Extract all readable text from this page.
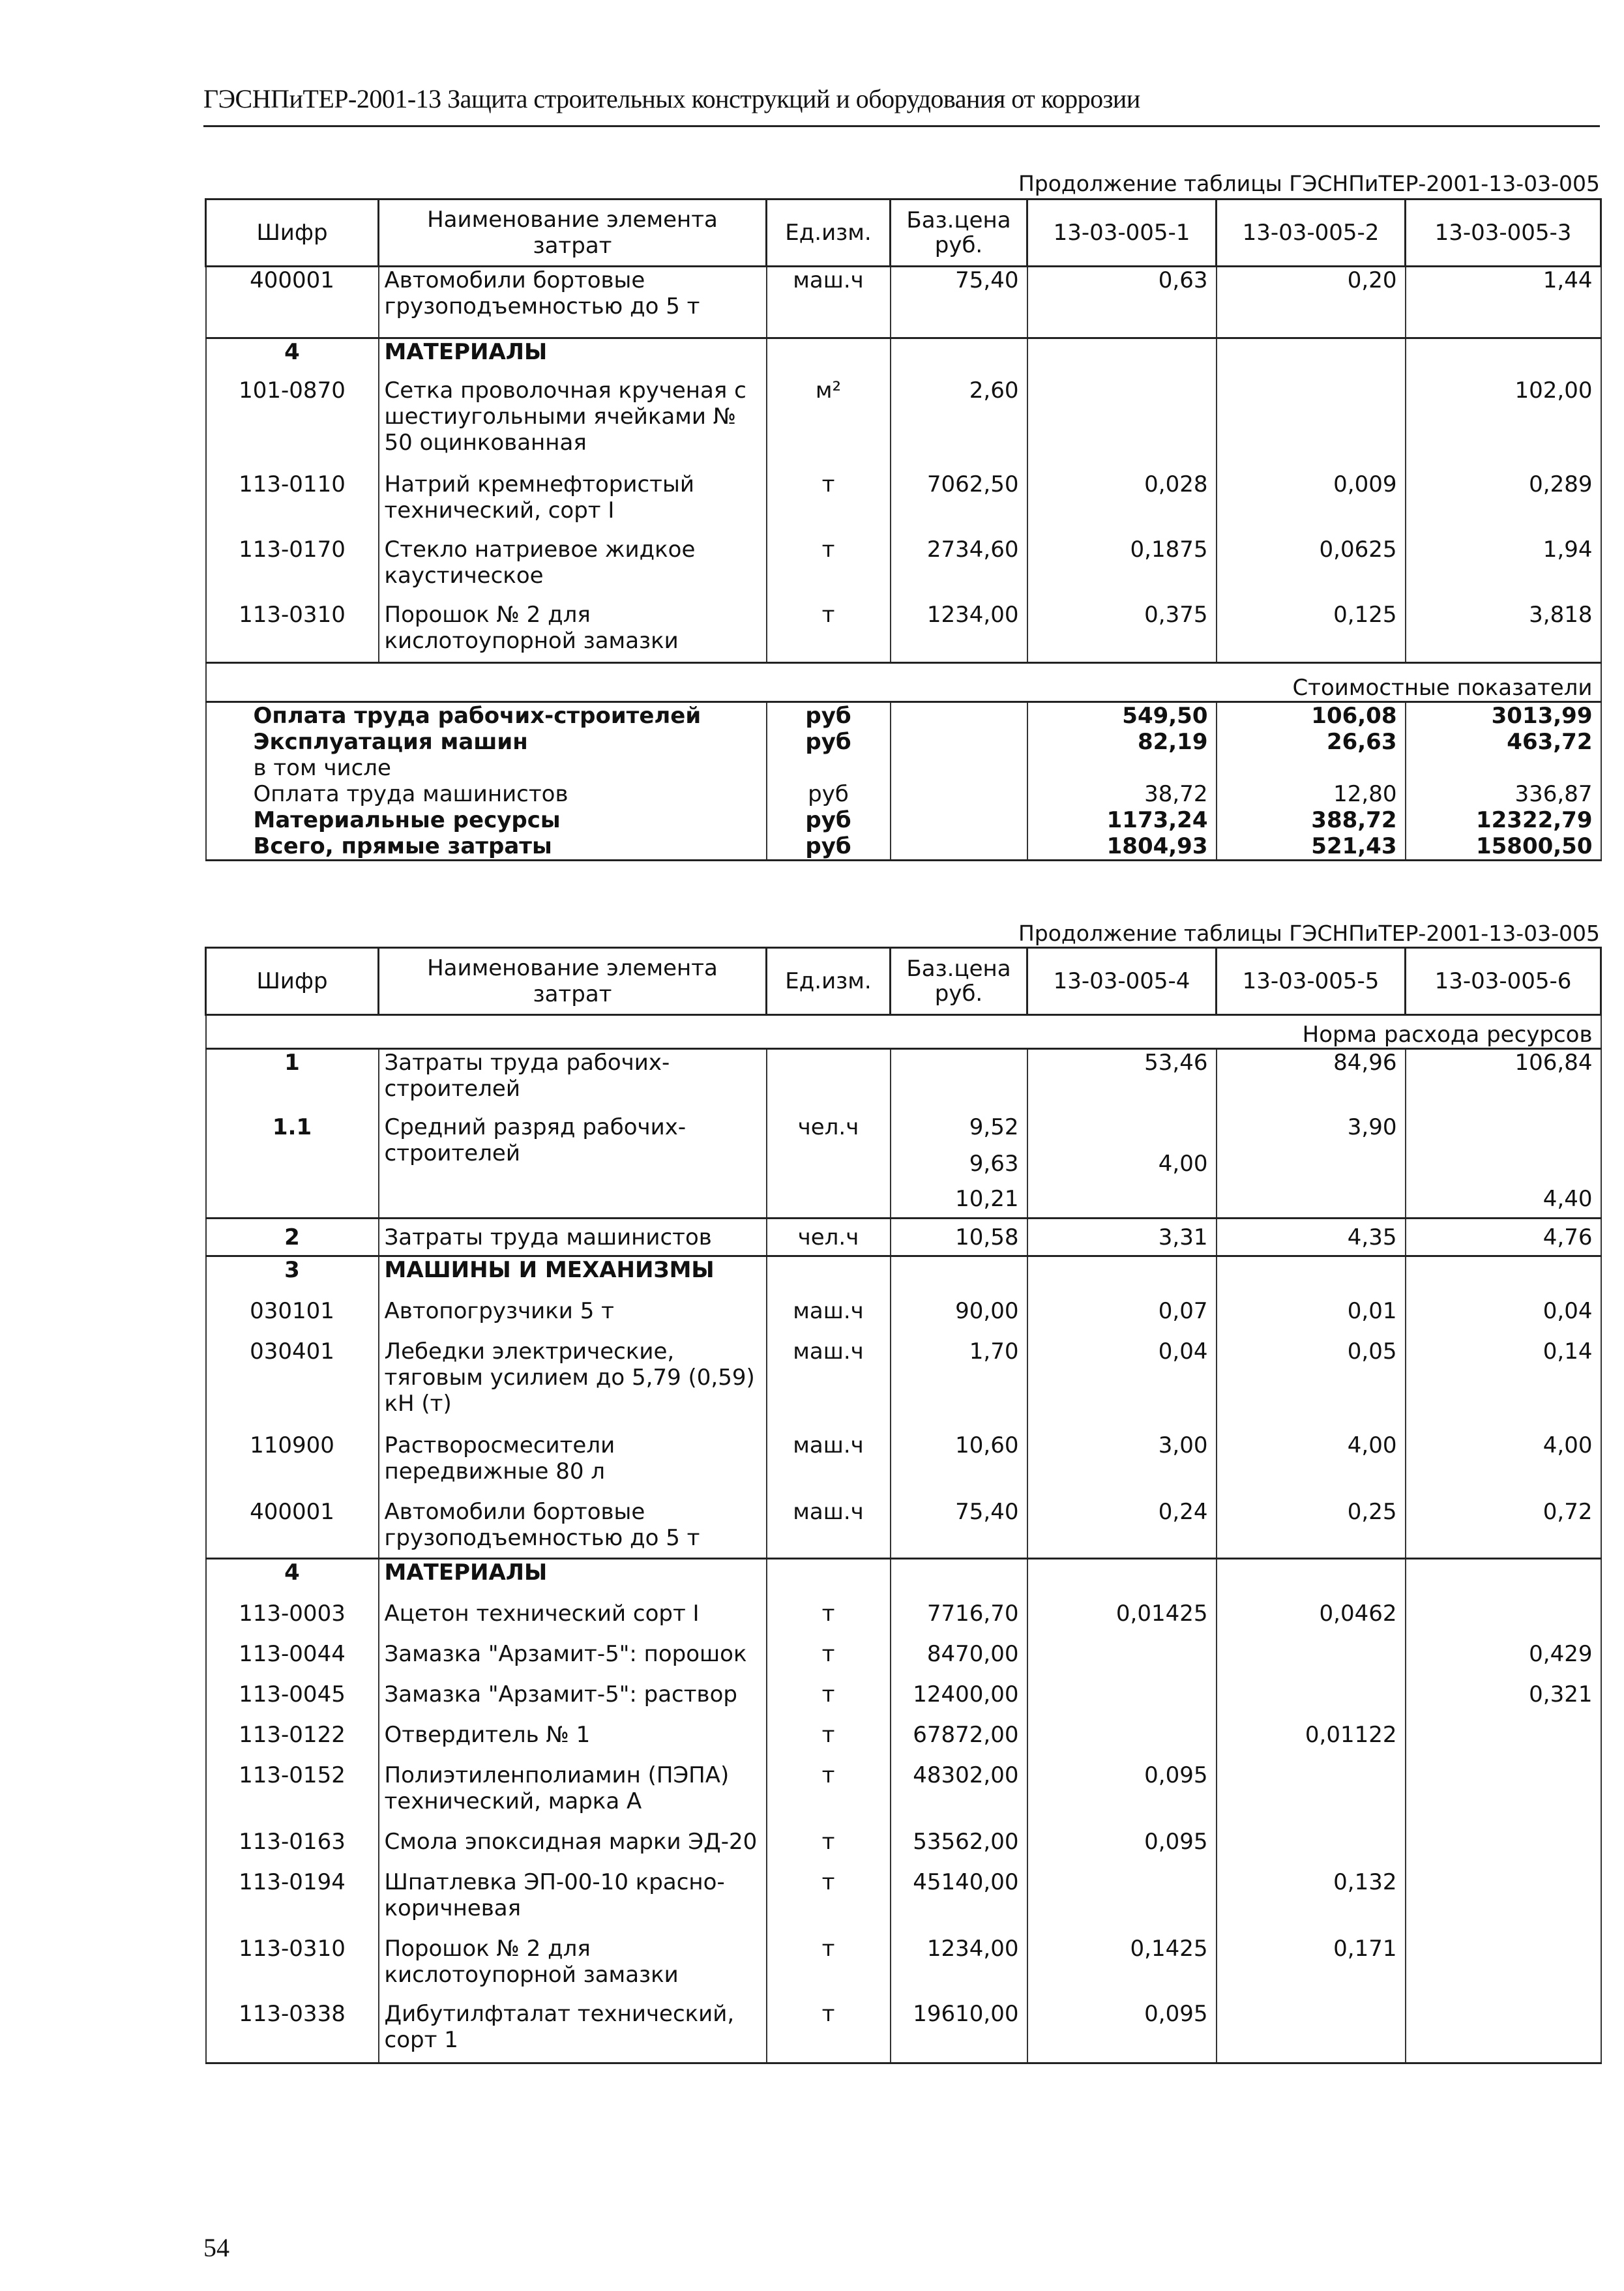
ГЭСНПиТЕР-2001-13 Защита строительных конструкций и оборудования от коррозии
Продолжение таблицы ГЭСНПиТЕР-2001-13-03-005
Шифр	Наименование элемента затрат	Ед.изм.	Баз.цена руб.	13-03-005-1	13-03-005-2	13-03-005-3
400001	Автомобили бортовые грузоподъемностью до 5 т	маш.ч	75,40	0,63	0,20	1,44
4	МАТЕРИАЛЫ					
101-0870	Сетка проволочная крученая с шестиугольными ячейками № 50 оцинкованная	м²	2,60			102,00
113-0110	Натрий кремнефтористый технический, сорт I	т	7062,50	0,028	0,009	0,289
113-0170	Стекло натриевое жидкое каустическое	т	2734,60	0,1875	0,0625	1,94
113-0310	Порошок № 2 для кислотоупорной замазки	т	1234,00	0,375	0,125	3,818
Стоимостные показатели						
Оплата труда рабочих-строителей		руб		549,50	106,08	3013,99
Эксплуатация машин		руб		82,19	26,63	463,72
в том числе						
Оплата труда машинистов		руб		38,72	12,80	336,87
Материальные ресурсы		руб		1173,24	388,72	12322,79
Всего, прямые затраты		руб		1804,93	521,43	15800,50
Продолжение таблицы ГЭСНПиТЕР-2001-13-03-005
Шифр	Наименование элемента затрат	Ед.изм.	Баз.цена руб.	13-03-005-4	13-03-005-5	13-03-005-6
Норма расхода ресурсов						
1	Затраты труда рабочих-строителей			53,46	84,96	106,84
1.1	Средний разряд рабочих-строителей	чел.ч	9,52		3,90	
			9,63	4,00		
			10,21			4,40
2	Затраты труда машинистов	чел.ч	10,58	3,31	4,35	4,76
3	МАШИНЫ И МЕХАНИЗМЫ					
030101	Автопогрузчики 5 т	маш.ч	90,00	0,07	0,01	0,04
030401	Лебедки электрические, тяговым усилием до 5,79 (0,59) кН (т)	маш.ч	1,70	0,04	0,05	0,14
110900	Растворосмесители передвижные 80 л	маш.ч	10,60	3,00	4,00	4,00
400001	Автомобили бортовые грузоподъемностью до 5 т	маш.ч	75,40	0,24	0,25	0,72
4	МАТЕРИАЛЫ					
113-0003	Ацетон технический сорт I	т	7716,70	0,01425	0,0462	
113-0044	Замазка "Арзамит-5": порошок	т	8470,00			0,429
113-0045	Замазка "Арзамит-5": раствор	т	12400,00			0,321
113-0122	Отвердитель № 1	т	67872,00		0,01122	
113-0152	Полиэтиленполиамин (ПЭПА) технический, марка А	т	48302,00	0,095		
113-0163	Смола эпоксидная марки ЭД-20	т	53562,00	0,095		
113-0194	Шпатлевка ЭП-00-10 красно-коричневая	т	45140,00		0,132	
113-0310	Порошок № 2 для кислотоупорной замазки	т	1234,00	0,1425	0,171	
113-0338	Дибутилфталат технический, сорт 1	т	19610,00	0,095		
54
